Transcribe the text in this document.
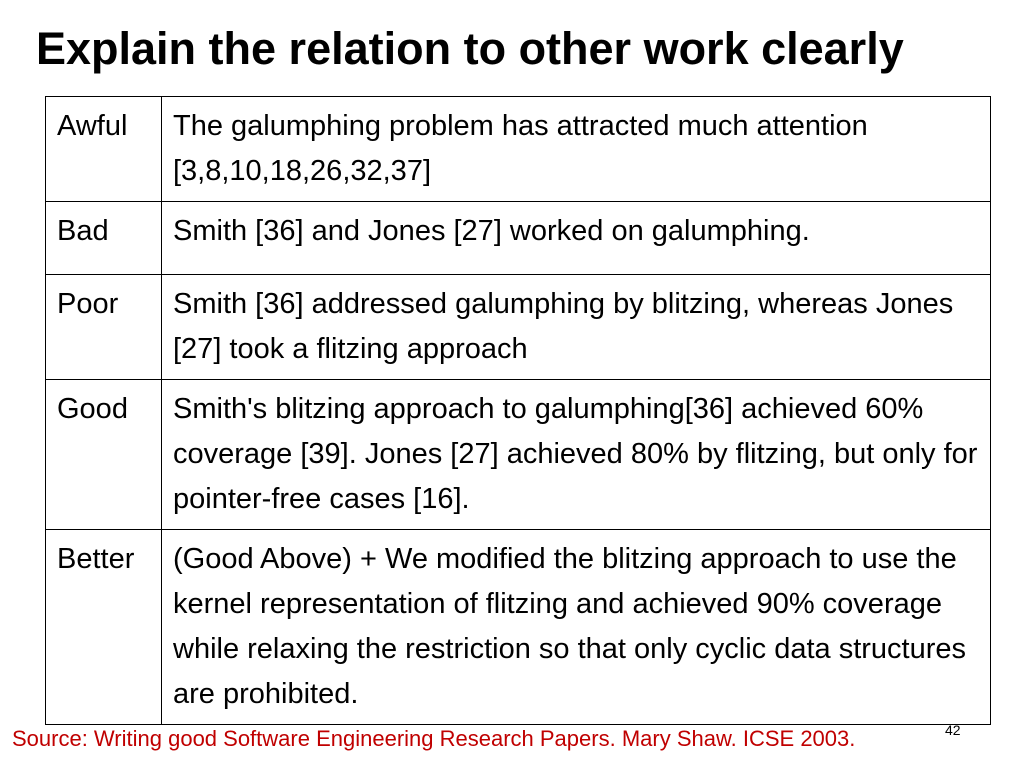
Explain the relation to other work clearly
Awful	The galumphing problem has attracted much attention [3,8,10,18,26,32,37]
Bad	Smith [36] and Jones [27] worked on galumphing.
Poor	Smith [36] addressed galumphing by blitzing, whereas Jones [27] took a flitzing approach
Good	Smith's blitzing approach to galumphing[36] achieved 60% coverage [39]. Jones [27] achieved 80% by flitzing, but only for pointer-free cases [16].
Better	(Good Above) + We modified the blitzing approach to use the kernel representation of flitzing and achieved 90% coverage while relaxing the restriction so that only cyclic data structures are prohibited.
Source: Writing good Software Engineering Research Papers. Mary Shaw. ICSE 2003.	42
